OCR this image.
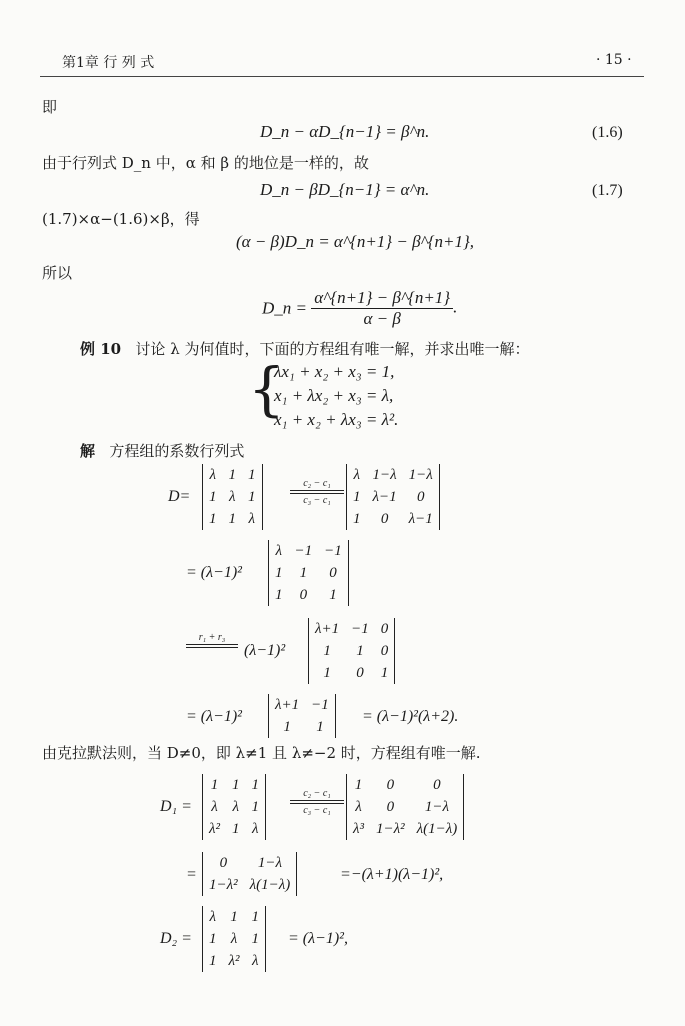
第1章 行 列 式	· 15 ·
即
D_n − αD_{n−1} = β^n.	(1.6)
由于行列式 D_n 中，α 和 β 的地位是一样的，故
D_n − βD_{n−1} = α^n.	(1.7)
(1.7)×α−(1.6)×β，得
(α − β)D_n = α^{n+1} − β^{n+1},
所以
D_n = $\frac{\alpha\^{}\{n+1\} - \beta\^{}\{n+1\}}{\alpha - \beta}$ .
例 10 讨论 λ 为何值时，下面的方程组有唯一解，并求出唯一解：
{
λx₁ + x₂ + x₃ = 1,
x₁ + λx₂ + x₃ = λ,
x₁ + x₂ + λx₃ = λ².
解 方程组的系数行列式
D=
λ	1	1
1	λ	1
1	1	λ
c₂ − c₁
c₃ − c₁
λ	1−λ	1−λ
1	λ−1	0
1	0	λ−1
= (λ−1)²
λ	−1	−1
1	1	0
1	0	1
r₁ + r₃

(λ−1)²
λ+1	−1	0
1	1	0
1	0	1
= (λ−1)²
λ+1	−1
1	1
= (λ−1)²(λ+2).
由克拉默法则，当 D≠0，即 λ≠1 且 λ≠−2 时，方程组有唯一解.
D₁ =
1	1	1
λ	λ	1
λ²	1	λ
c₂ − c₁
c₃ − c₁
1	0	0
λ	0	1−λ
λ³	1−λ²	λ(1−λ)
=
0	1−λ
1−λ²	λ(1−λ)
=−(λ+1)(λ−1)²,
D₂ =
λ	1	1
1	λ	1
1	λ²	λ
= (λ−1)²,
